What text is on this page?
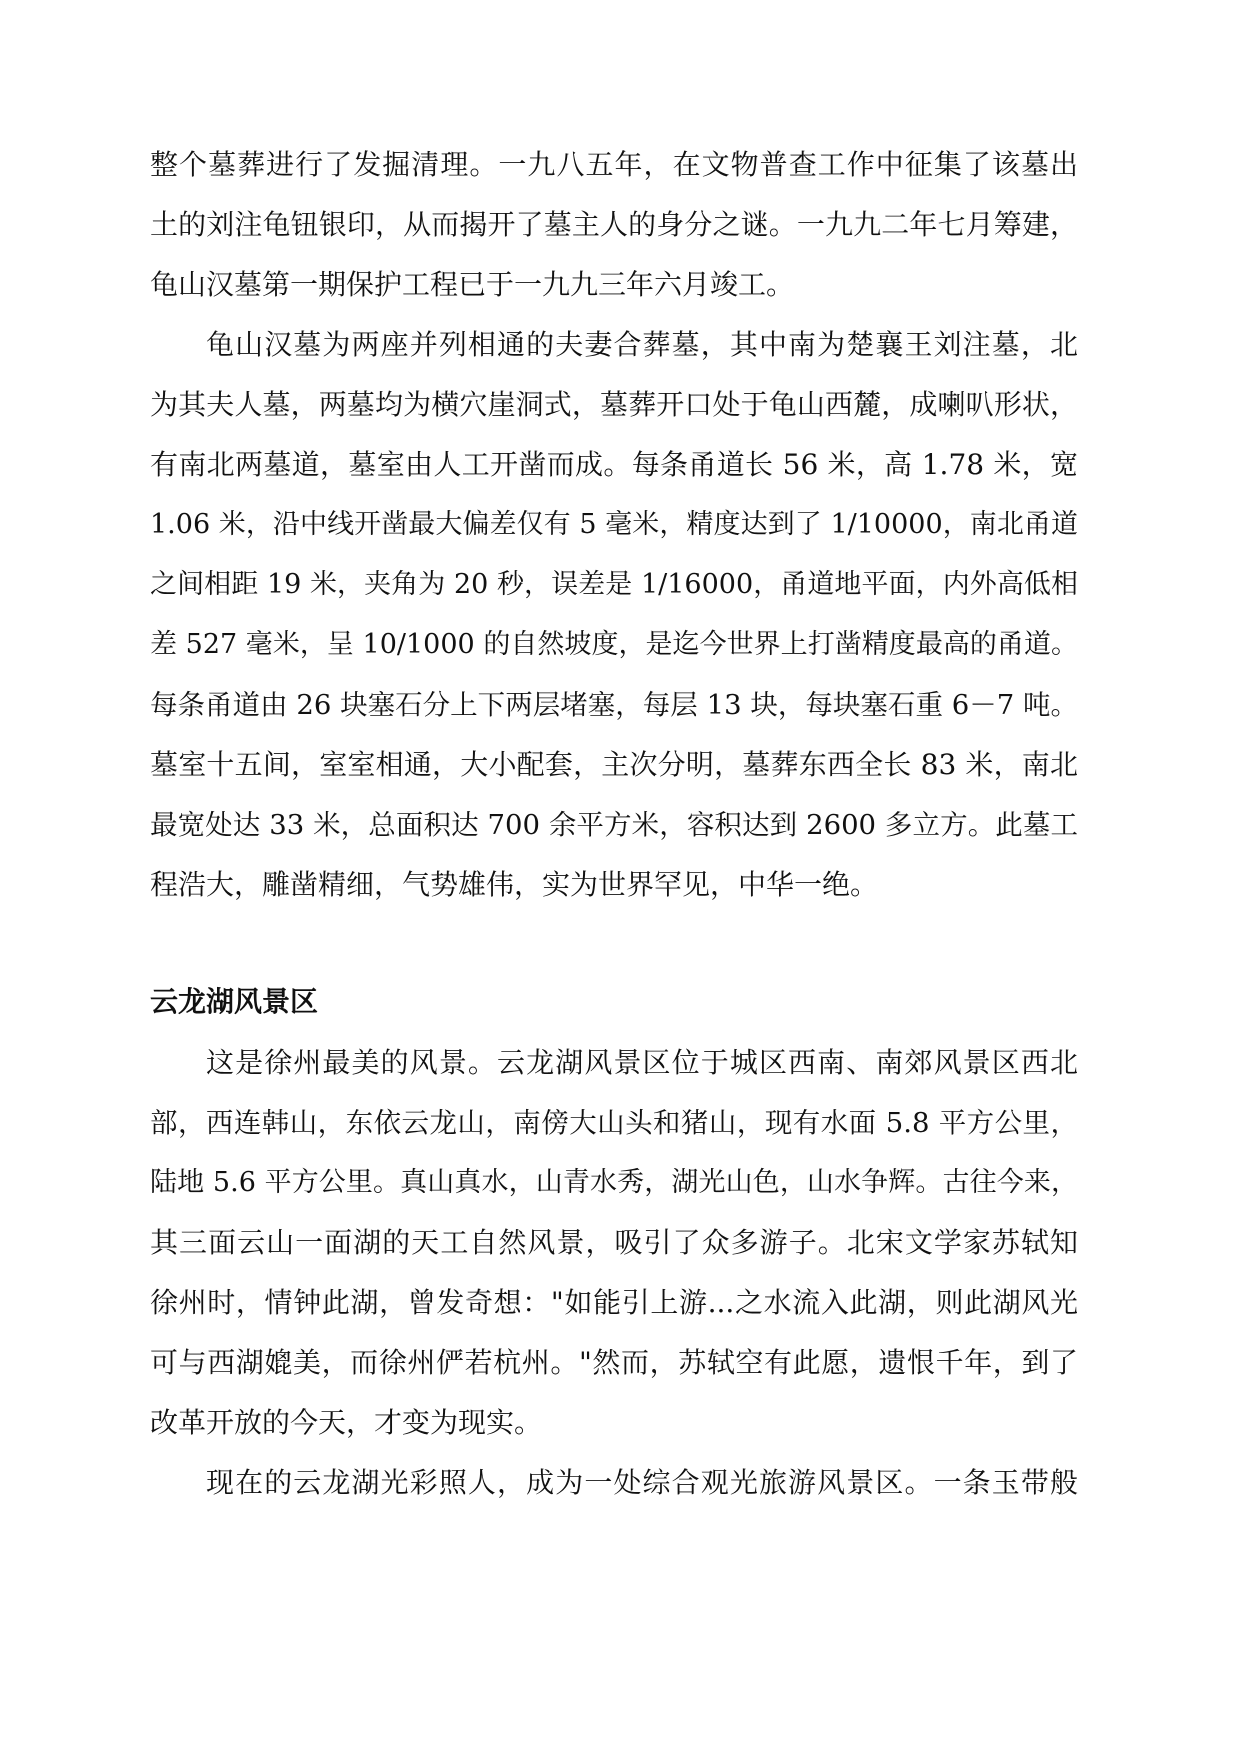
整个墓葬进行了发掘清理。一九八五年，在文物普查工作中征集了该墓出
土的刘注龟钮银印，从而揭开了墓主人的身分之谜。一九九二年七月筹建，
龟山汉墓第一期保护工程已于一九九三年六月竣工。
龟山汉墓为两座并列相通的夫妻合葬墓，其中南为楚襄王刘注墓，北
为其夫人墓，两墓均为横穴崖洞式，墓葬开口处于龟山西麓，成喇叭形状，
有南北两墓道，墓室由人工开凿而成。每条甬道长 56 米，高 1.78 米，宽
1.06 米，沿中线开凿最大偏差仅有 5 毫米，精度达到了 1/10000，南北甬道
之间相距 19 米，夹角为 20 秒，误差是 1/16000，甬道地平面，内外高低相
差 527 毫米，呈 10/1000 的自然坡度，是迄今世界上打凿精度最高的甬道。
每条甬道由 26 块塞石分上下两层堵塞，每层 13 块，每块塞石重 6－7 吨。
墓室十五间，室室相通，大小配套，主次分明，墓葬东西全长 83 米，南北
最宽处达 33 米，总面积达 700 余平方米，容积达到 2600 多立方。此墓工
程浩大，雕凿精细，气势雄伟，实为世界罕见，中华一绝。
云龙湖风景区
这是徐州最美的风景。云龙湖风景区位于城区西南、南郊风景区西北
部，西连韩山，东依云龙山，南傍大山头和猪山，现有水面 5.8 平方公里，
陆地 5.6 平方公里。真山真水，山青水秀，湖光山色，山水争辉。古往今来，
其三面云山一面湖的天工自然风景，吸引了众多游子。北宋文学家苏轼知
徐州时，情钟此湖，曾发奇想："如能引上游...之水流入此湖，则此湖风光
可与西湖媲美，而徐州俨若杭州。"然而，苏轼空有此愿，遗恨千年，到了
改革开放的今天，才变为现实。
现在的云龙湖光彩照人，成为一处综合观光旅游风景区。一条玉带般
